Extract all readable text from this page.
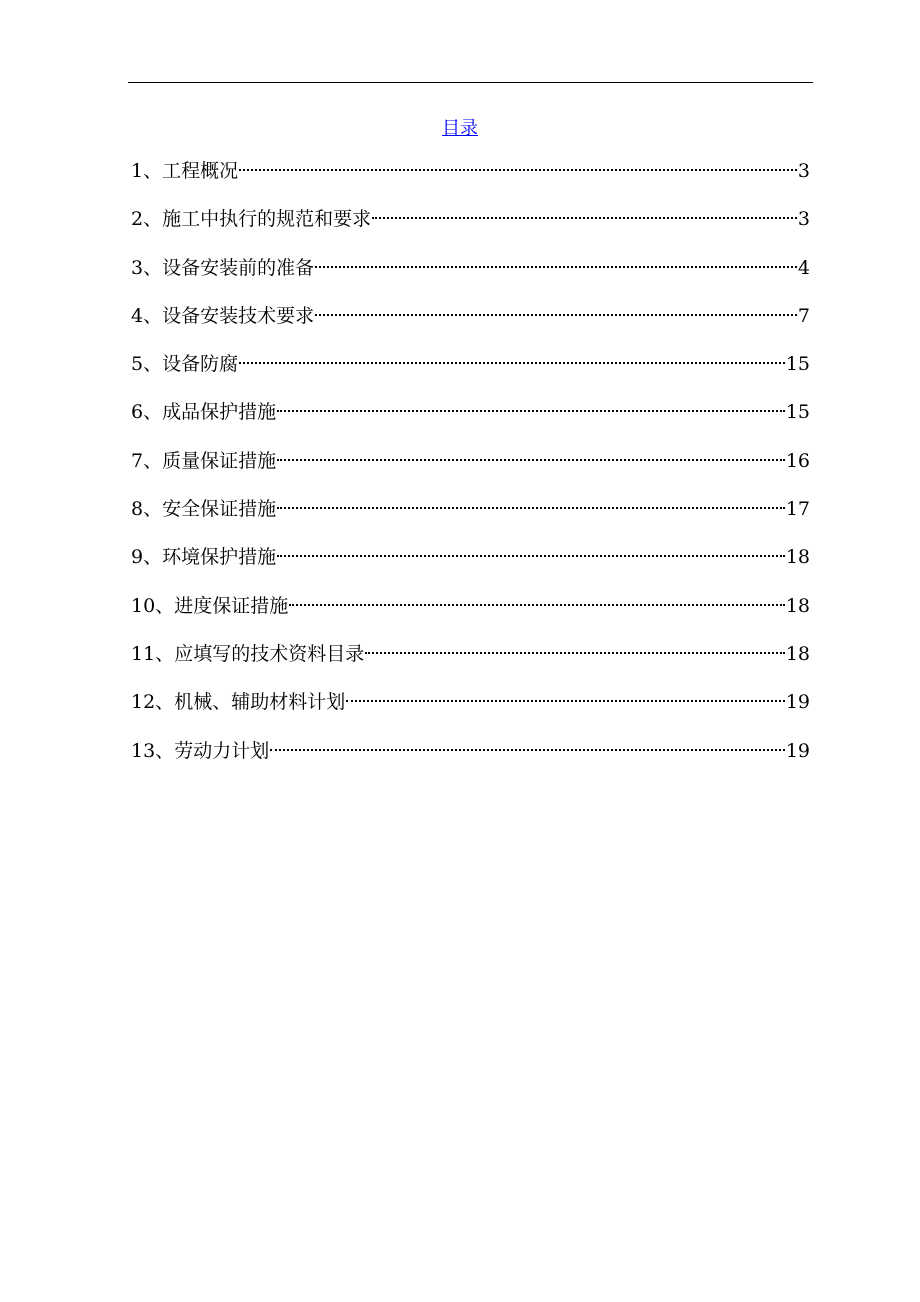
目录
1、 工程概况	3
2、 施工中执行的规范和要求	3
3、 设备安装前的准备	4
4、 设备安装技术要求	7
5、 设备防腐	15
6、 成品保护措施	15
7、 质量保证措施	16
8、 安全保证措施	17
9、 环境保护措施	18
10、 进度保证措施	18
11、 应填写的技术资料目录	18
12、 机械、辅助材料计划	19
13、 劳动力计划	19
